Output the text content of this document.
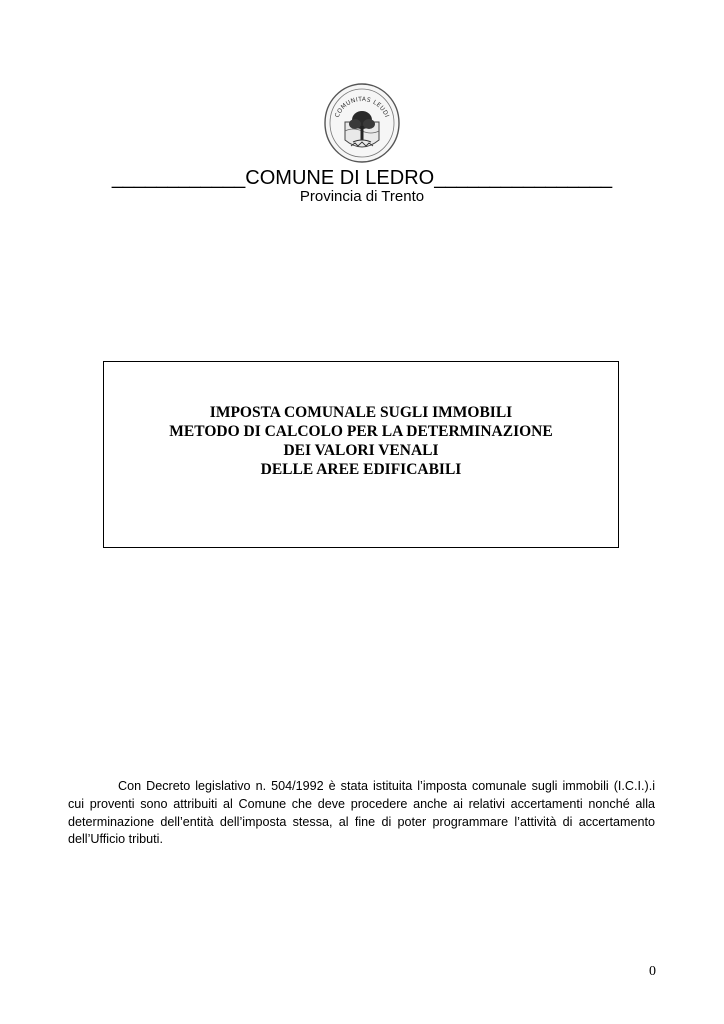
COMUNITAS LEUDI
____________COMUNE DI LEDRO________________
Provincia di Trento
IMPOSTA COMUNALE SUGLI IMMOBILI
METODO DI CALCOLO PER LA DETERMINAZIONE
DEI VALORI VENALI
DELLE AREE EDIFICABILI

Con Decreto legislativo n. 504/1992 è stata istituita l’imposta comunale sugli immobili (I.C.I.).i cui proventi sono attribuiti al Comune che deve procedere anche ai relativi accertamenti nonché alla determinazione dell’entità dell’imposta stessa, al fine di poter programmare l’attività di accertamento dell’Ufficio tributi.

0
